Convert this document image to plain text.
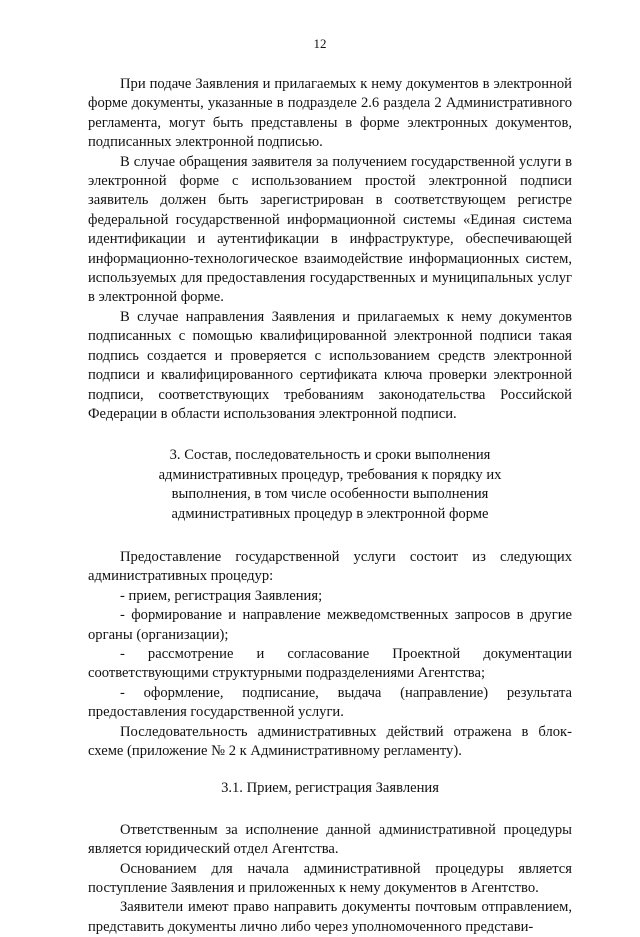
12

При подаче Заявления и прилагаемых к нему документов в электронной форме документы, указанные в подразделе 2.6 раздела 2 Административного регламента, могут быть представлены в форме электронных документов, подписанных электронной подписью.

В случае обращения заявителя за получением государственной услуги в электронной форме с использованием простой электронной подписи заявитель должен быть зарегистрирован в соответствующем регистре федеральной государственной информационной системы «Единая система идентификации и аутентификации в инфраструктуре, обеспечивающей информационно-технологическое взаимодействие информационных систем, используемых для предоставления государственных и муниципальных услуг в электронной форме.

В случае направления Заявления и прилагаемых к нему документов подписанных с помощью квалифицированной электронной подписи такая подпись создается и проверяется с использованием средств электронной подписи и квалифицированного сертификата ключа проверки электронной подписи, соответствующих требованиям законодательства Российской Федерации в области использования электронной подписи.

3. Состав, последовательность и сроки выполнения
административных процедур, требования к порядку их
выполнения, в том числе особенности выполнения
административных процедур в электронной форме

Предоставление государственной услуги состоит из следующих административных процедур:

- прием, регистрация Заявления;

- формирование и направление межведомственных запросов в другие органы (организации);

- рассмотрение и согласование Проектной документации соответствующими структурными подразделениями Агентства;

- оформление, подписание, выдача (направление) результата предоставления государственной услуги.

Последовательность административных действий отражена в блок-схеме (приложение № 2 к Административному регламенту).

3.1. Прием, регистрация Заявления

Ответственным за исполнение данной административной процедуры является юридический отдел Агентства.

Основанием для начала административной процедуры является поступление Заявления и приложенных к нему документов в Агентство.

Заявители имеют право направить документы почтовым отправлением, представить документы лично либо через уполномоченного представи-
